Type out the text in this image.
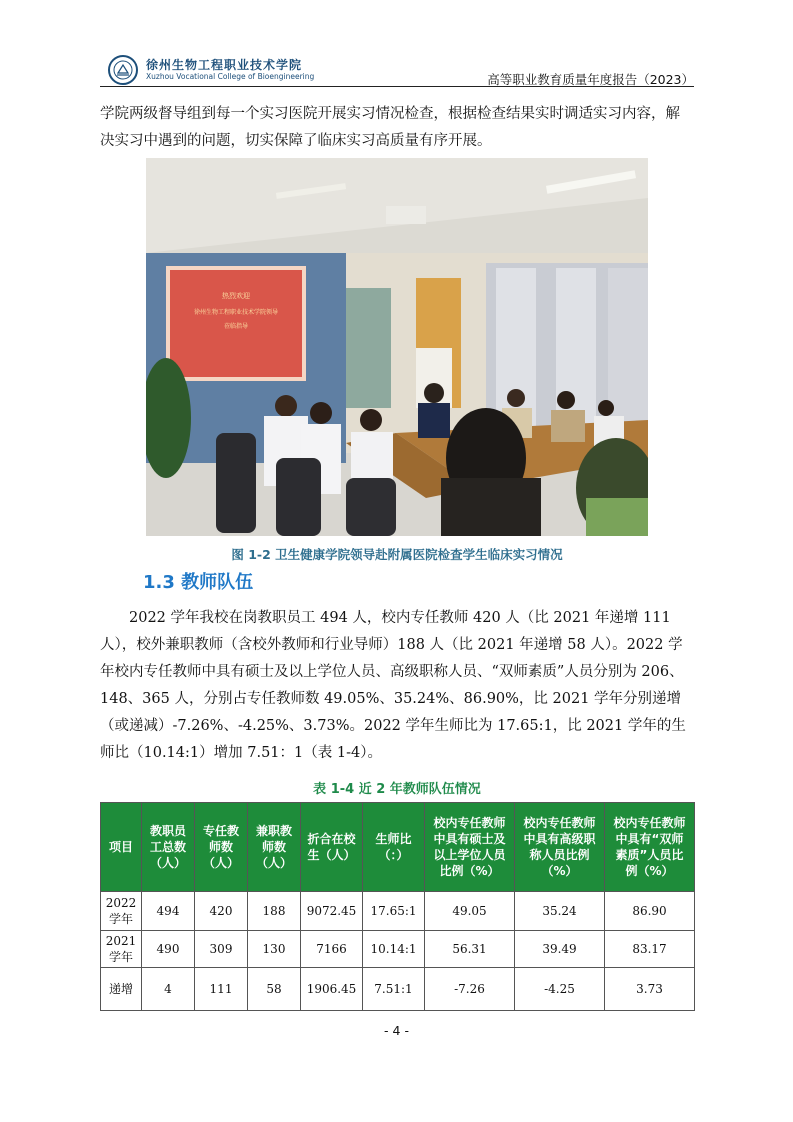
徐州生物工程职业技术学院
Xuzhou Vocational College of Bioengineering	高等职业教育质量年度报告（2023）
学院两级督导组到每一个实习医院开展实习情况检查，根据检查结果实时调适实习内容，解决实习中遇到的问题，切实保障了临床实习高质量有序开展。
热烈欢迎
徐州生物工程职业技术学院领导
莅临指导
图 1-2 卫生健康学院领导赴附属医院检查学生临床实习情况
1.3 教师队伍
2022 学年我校在岗教职员工 494 人，校内专任教师 420 人（比 2021 年递增 111 人），校外兼职教师（含校外教师和行业导师）188 人（比 2021 年递增 58 人）。2022 学年校内专任教师中具有硕士及以上学位人员、高级职称人员、“双师素质”人员分别为 206、148、365 人，分别占专任教师数 49.05%、35.24%、86.90%，比 2021 学年分别递增（或递减）-7.26%、-4.25%、3.73%。2022 学年生师比为 17.65:1，比 2021 学年的生师比（10.14:1）增加 7.51：1（表 1-4）。
表 1-4 近 2 年教师队伍情况
项目	教职员工总数（人）	专任教师数（人）	兼职教师数（人）	折合在校生（人）	生师比（：）	校内专任教师中具有硕士及以上学位人员比例（%）	校内专任教师中具有高级职称人员比例（%）	校内专任教师中具有“双师素质”人员比例（%）
2022学年	494	420	188	9072.45	17.65:1	49.05	35.24	86.90
2021学年	490	309	130	7166	10.14:1	56.31	39.49	83.17
递增	4	111	58	1906.45	7.51:1	-7.26	-4.25	3.73
- 4 -
